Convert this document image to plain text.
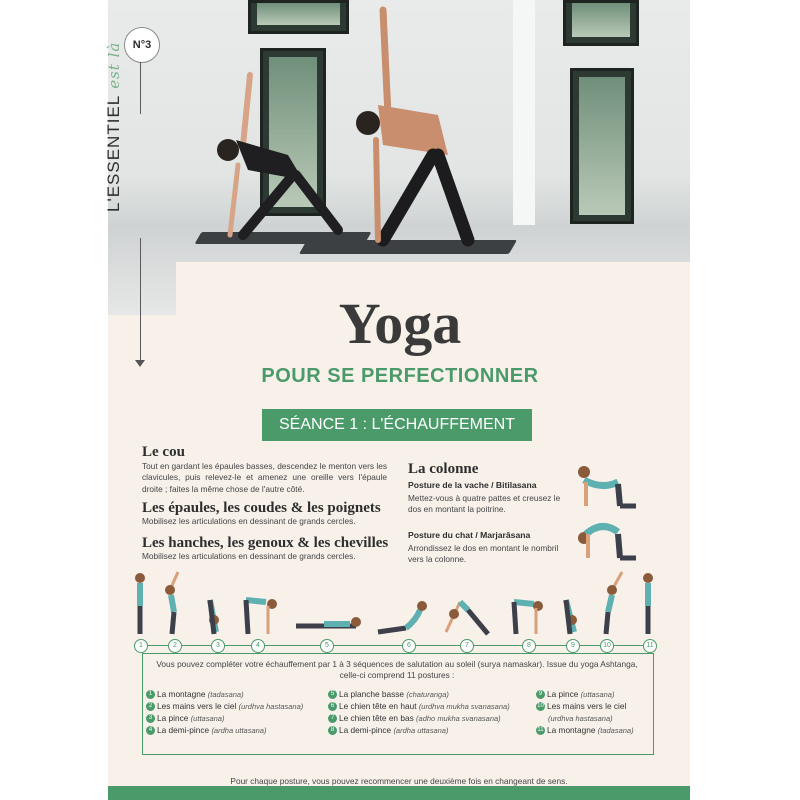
N°3
L'ESSENTIELest là
Yoga
POUR SE PERFECTIONNER
SÉANCE 1 : L'ÉCHAUFFEMENT
Le cou
Tout en gardant les épaules basses, descendez le menton vers les clavicules, puis relevez-le et amenez une oreille vers l'épaule droite ; faites la même chose de l'autre côté.
Les épaules, les coudes & les poignets
Mobilisez les articulations en dessinant de grands cercles.
Les hanches, les genoux & les chevilles
Mobilisez les articulations en dessinant de grands cercles.
La colonne
Posture de la vache / Bitilasana
Mettez-vous à quatre pattes et creusez le dos en montant la poitrine.
Posture du chat / Marjarâsana
Arrondissez le dos en montant le nombril vers la colonne.
1	2	3	4	5	6	7	8	9	10	11
Vous pouvez compléter votre échauffement par 1 à 3 séquences de salutation au soleil (surya namaskar). Issue du yoga Ashtanga, celle-ci comprend 11 postures :
1 La montagne (tadasana)
2 Les mains vers le ciel (urdhva hastasana)
3 La pince (uttasana)
4 La demi-pince (ardha uttasana)
5 La planche basse (chaturanga)
6 Le chien tête en haut (urdhva mukha svanasana)
7 Le chien tête en bas (adho mukha svanasana)
8 La demi-pince (ardha uttasana)
9 La pince (uttasana)
10 Les mains vers le ciel
(urdhva hastasana)
11 La montagne (tadasana)
Pour chaque posture, vous pouvez recommencer une deuxième fois en changeant de sens.
